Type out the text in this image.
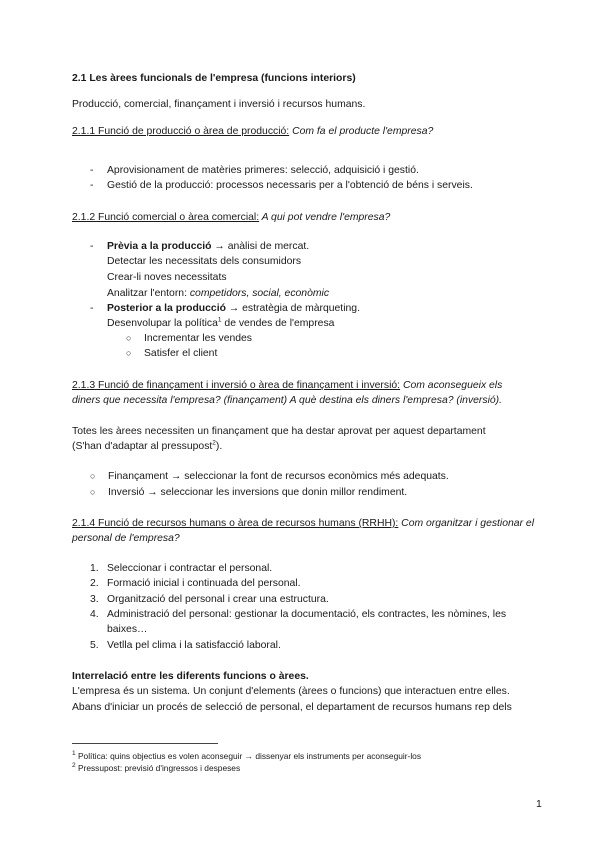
2.1 Les àrees funcionals de l'empresa (funcions interiors)
Producció, comercial, finançament i inversió i recursos humans.
2.1.1 Funció de producció o àrea de producció: Com fa el producte l'empresa?
-	Aprovisionament de matèries primeres: selecció, adquisició i gestió.
-	Gestió de la producció: processos necessaris per a l'obtenció de béns i serveis.
2.1.2 Funció comercial o àrea comercial: A qui pot vendre l'empresa?
-	Prèvia a la producció → anàlisi de mercat.
Detectar les necessitats dels consumidors
Crear-li noves necessitats
Analitzar l'entorn: competidors, social, econòmic
-	Posterior a la producció → estratègia de màrqueting.
Desenvolupar la política$^1$ de vendes de l'empresa
○ Incrementar les vendes
○ Satisfer el client
2.1.3 Funció de finançament i inversió o àrea de finançament i inversió: Com aconsegueix els
diners que necessita l'empresa? (finançament) A què destina els diners l'empresa? (inversió).
Totes les àrees necessiten un finançament que ha destar aprovat per aquest departament
(S'han d'adaptar al pressupost$^2$).
○ Finançament → seleccionar la font de recursos econòmics més adequats.
○ Inversió → seleccionar les inversions que donin millor rendiment.
2.1.4 Funció de recursos humans o àrea de recursos humans (RRHH): Com organitzar i gestionar el
personal de l'empresa?
1. Seleccionar i contractar el personal.
2. Formació inicial i continuada del personal.
3. Organització del personal i crear una estructura.
4. Administració del personal: gestionar la documentació, els contractes, les nòmines, les
baixes…
5. Vetlla pel clima i la satisfacció laboral.
Interrelació entre les diferents funcions o àrees.
L'empresa és un sistema. Un conjunt d'elements (àrees o funcions) que interactuen entre elles.
Abans d'iniciar un procés de selecció de personal, el departament de recursos humans rep dels
$^1$ Política: quins objectius es volen aconseguir → dissenyar els instruments per aconseguir-los
$^2$ Pressupost: previsió d'ingressos i despeses
1
